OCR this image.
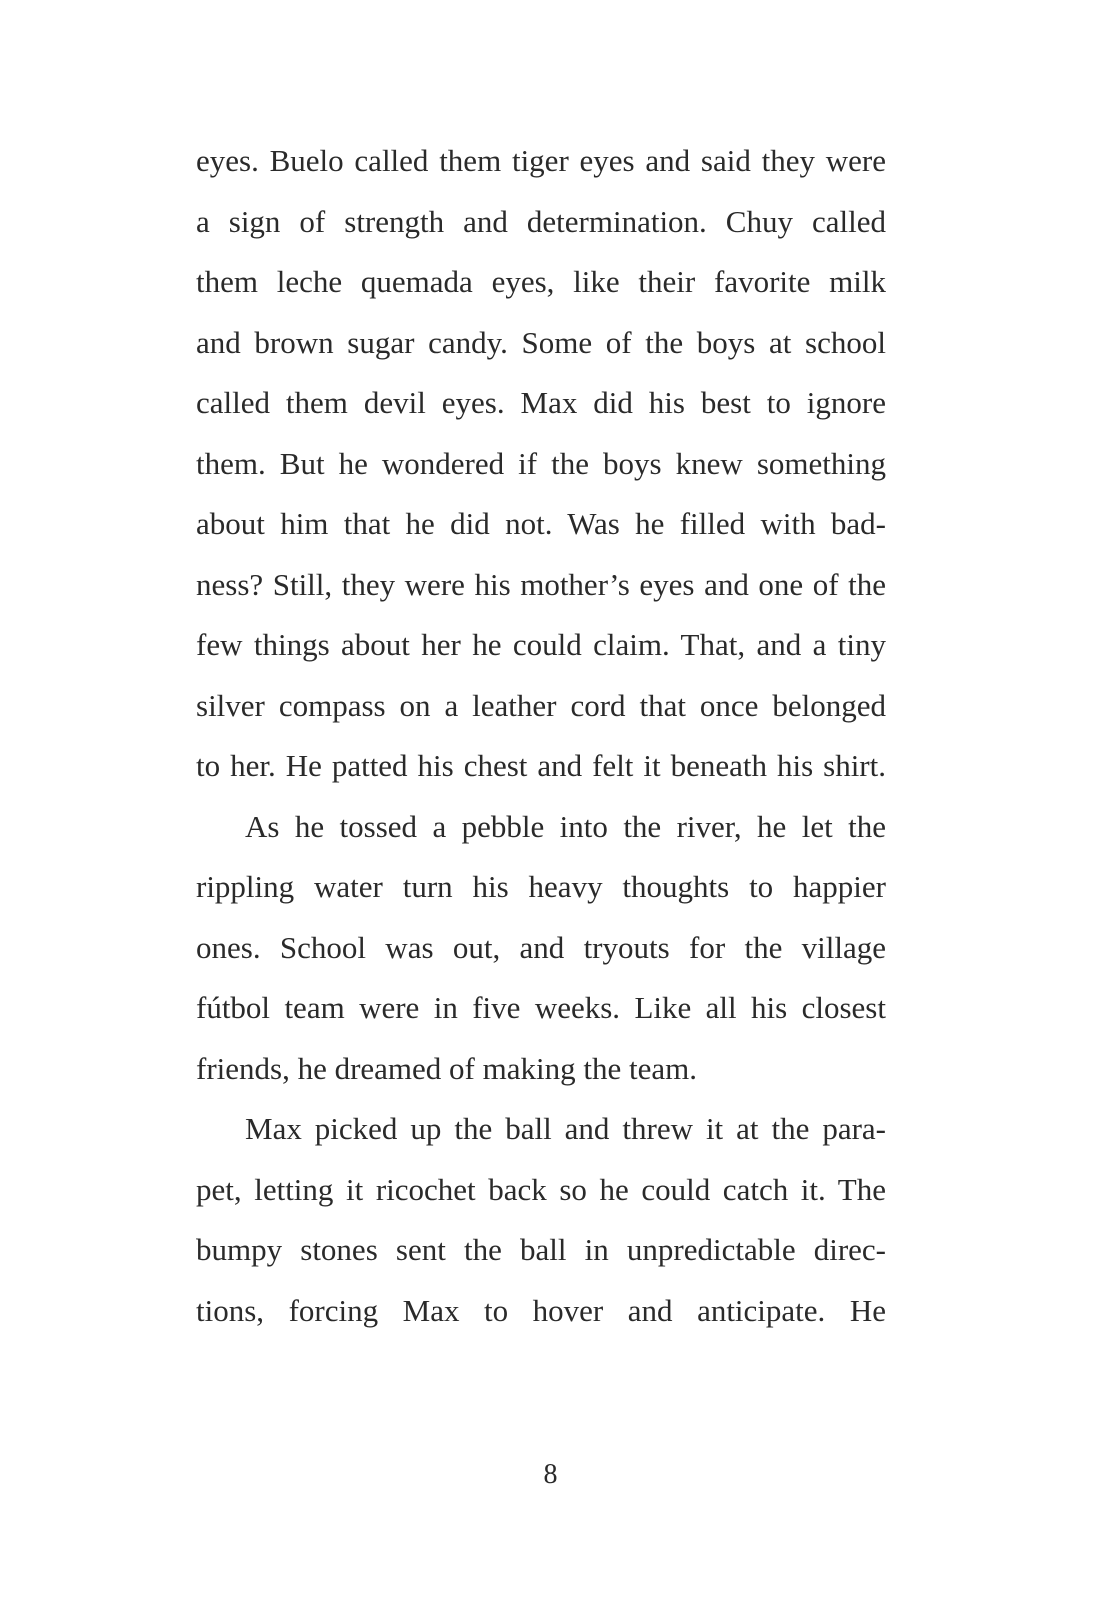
eyes. Buelo called them tiger eyes and said they were
a sign of strength and determination. Chuy called
them leche quemada eyes, like their favorite milk
and brown sugar candy. Some of the boys at school
called them devil eyes. Max did his best to ignore
them. But he wondered if the boys knew something
about him that he did not. Was he filled with bad-
ness? Still, they were his mother’s eyes and one of the
few things about her he could claim. That, and a tiny
silver compass on a leather cord that once belonged
to her. He patted his chest and felt it beneath his shirt.
As he tossed a pebble into the river, he let the
rippling water turn his heavy thoughts to happier
ones. School was out, and tryouts for the village
fútbol team were in five weeks. Like all his closest
friends, he dreamed of making the team.
Max picked up the ball and threw it at the para-
pet, letting it ricochet back so he could catch it. The
bumpy stones sent the ball in unpredictable direc-
tions, forcing Max to hover and anticipate. He
8
